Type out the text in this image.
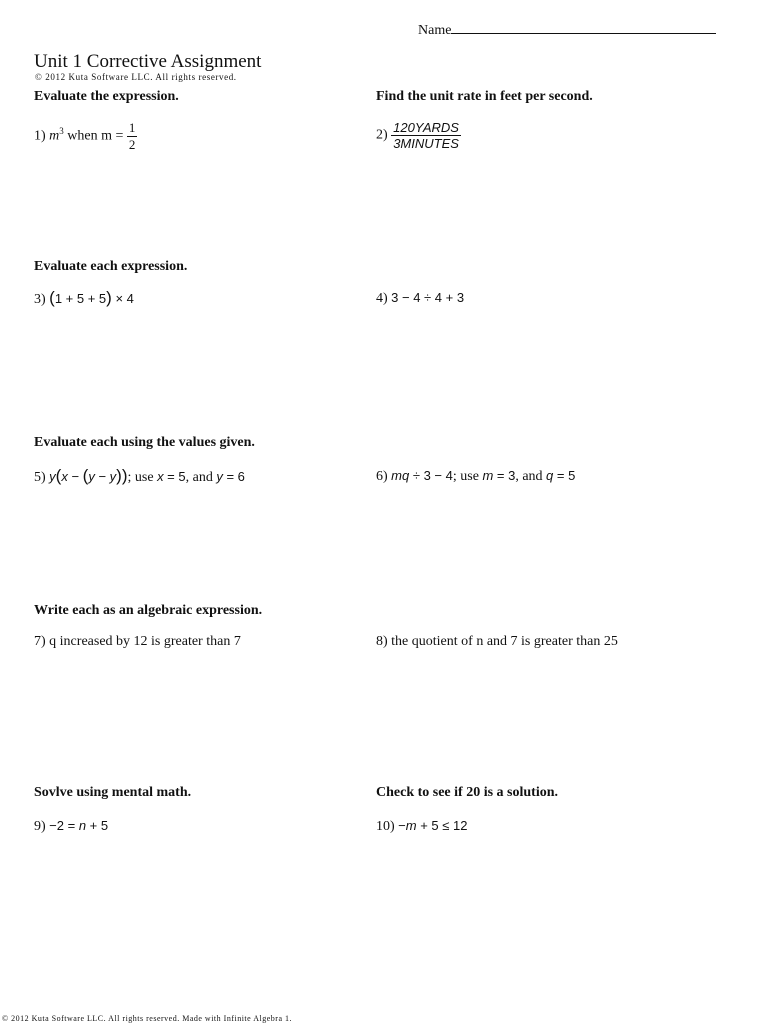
Name
Unit 1 Corrective Assignment
© 2012 Kuta Software LLC. All rights reserved.
Evaluate the expression.	Find the unit rate in feet per second.
1) $m^3$ when $m = \frac{1}{2}$	$2) \frac{\text{120YARDS}}{\text{3MINUTES}}$
Evaluate each expression.
3) (1 + 5 + 5) × 4	4) 3 − 4 ÷ 4 + 3
Evaluate each using the values given.
5) y(x − (y − y)); use x = 5, and y = 6	6) mq ÷ 3 − 4; use m = 3, and q = 5
Write each as an algebraic expression.
7) q increased by 12 is greater than 7	8) the quotient of n and 7 is greater than 25
Sovlve using mental math.	Check to see if 20 is a solution.
9) −2 = n + 5	10) −m + 5 ≤ 12
© 2012 Kuta Software LLC. All rights reserved. Made with Infinite Algebra 1.
